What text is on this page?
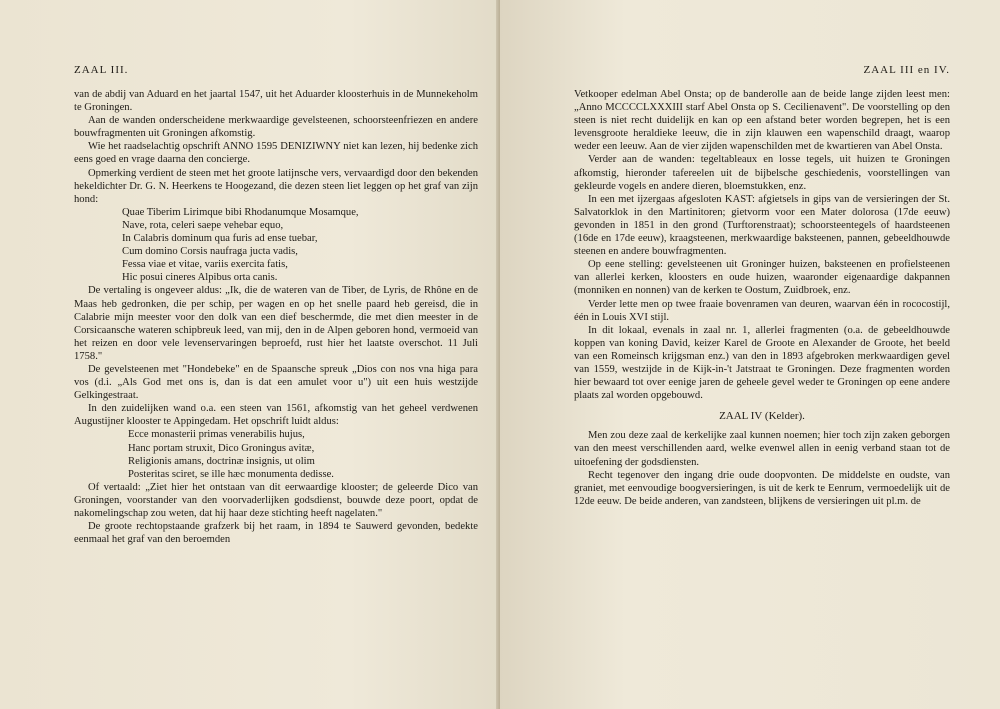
ZAAL III.

van de abdij van Aduard en het jaartal 1547, uit het Aduarder kloosterhuis in de Munnekeholm te Groningen.

Aan de wanden onderscheidene merkwaardige gevelsteenen, schoorsteenfriezen en andere bouwfragmenten uit Groningen afkomstig.

Wie het raadselachtig opschrift ANNO 1595 DENIZIWNY niet kan lezen, hij bedenke zich eens goed en vrage daarna den concierge.

Opmerking verdient de steen met het groote latijnsche vers, vervaardigd door den bekenden hekeldichter Dr. G. N. Heerkens te Hoogezand, die dezen steen liet leggen op het graf van zijn hond:

Quae Tiberim Lirimque bibi Rhodanumque Mosamque,

Nave, rota, celeri saepe vehebar equo,

In Calabris dominum qua furis ad ense tuebar,

Cum domino Corsis naufraga jucta vadis,

Fessa viae et vitae, variis exercita fatis,

Hic posui cineres Alpibus orta canis.

De vertaling is ongeveer aldus: „Ik, die de wateren van de Tiber, de Lyris, de Rhône en de Maas heb gedronken, die per schip, per wagen en op het snelle paard heb gereisd, die in Calabrie mijn meester voor den dolk van een dief beschermde, die met dien meester in de Corsicaansche wateren schipbreuk leed, van mij, den in de Alpen geboren hond, vermoeid van het reizen en door vele levenservaringen beproefd, rust hier het laatste overschot. 11 Juli 1758."

De gevelsteenen met "Hondebeke" en de Spaansche spreuk „Dios con nos vna higa para vos (d.i. „Als God met ons is, dan is dat een amulet voor u") uit een huis westzijde Gelkingestraat.

In den zuidelijken wand o.a. een steen van 1561, afkomstig van het geheel verdwenen Augustijner klooster te Appingedam. Het opschrift luidt aldus:

Ecce monasterii primas venerabilis hujus,

Hanc portam struxit, Dico Groningus avitæ,

Religionis amans, doctrinæ insignis, ut olim

Posteritas sciret, se ille hæc monumenta dedisse.

Of vertaald: „Ziet hier het ontstaan van dit eerwaardige klooster; de geleerde Dico van Groningen, voorstander van den voorvaderlijken godsdienst, bouwde deze poort, opdat de nakomelingschap zou weten, dat hij haar deze stichting heeft nagelaten."

De groote rechtopstaande grafzerk bij het raam, in 1894 te Sauwerd gevonden, bedekte eenmaal het graf van den beroemden

ZAAL III en IV.

Vetkooper edelman Abel Onsta; op de banderolle aan de beide lange zijden leest men: „Anno MCCCCLXXXIII starf Abel Onsta op S. Cecilienavent". De voorstelling op den steen is niet recht duidelijk en kan op een afstand beter worden begrepen, het is een levensgroote heraldieke leeuw, die in zijn klauwen een wapenschild draagt, waarop weder een leeuw. Aan de vier zijden wapenschilden met de kwartieren van Abel Onsta.

Verder aan de wanden: tegeltableaux en losse tegels, uit huizen te Groningen afkomstig, hieronder tafereelen uit de bijbelsche geschiedenis, voorstellingen van gekleurde vogels en andere dieren, bloemstukken, enz.

In een met ijzergaas afgesloten KAST: afgietsels in gips van de versieringen der St. Salvatorklok in den Martinitoren; gietvorm voor een Mater dolorosa (17de eeuw) gevonden in 1851 in den grond (Turftorenstraat); schoorsteentegels of haardsteenen (16de en 17de eeuw), kraagsteenen, merkwaardige baksteenen, pannen, gebeeldhouwde steenen en andere bouwfragmenten.

Op eene stelling: gevelsteenen uit Groninger huizen, baksteenen en profielsteenen van allerlei kerken, kloosters en oude huizen, waaronder eigenaardige dakpannen (monniken en nonnen) van de kerken te Oostum, Zuidbroek, enz.

Verder lette men op twee fraaie bovenramen van deuren, waarvan één in rococostijl, één in Louis XVI stijl.

In dit lokaal, evenals in zaal nr. 1, allerlei fragmenten (o.a. de gebeeldhouwde koppen van koning David, keizer Karel de Groote en Alexander de Groote, het beeld van een Romeinsch krijgsman enz.) van den in 1893 afgebroken merkwaardigen gevel van 1559, westzijde in de Kijk-in-'t Jatstraat te Groningen. Deze fragmenten worden hier bewaard tot over eenige jaren de geheele gevel weder te Groningen op eene andere plaats zal worden opgebouwd.

ZAAL IV (Kelder).

Men zou deze zaal de kerkelijke zaal kunnen noemen; hier toch zijn zaken geborgen van den meest verschillenden aard, welke evenwel allen in eenig verband staan tot de uitoefening der godsdiensten.

Recht tegenover den ingang drie oude doopvonten. De middelste en oudste, van graniet, met eenvoudige boogversieringen, is uit de kerk te Eenrum, vermoedelijk uit de 12de eeuw. De beide anderen, van zandsteen, blijkens de versieringen uit pl.m. de
